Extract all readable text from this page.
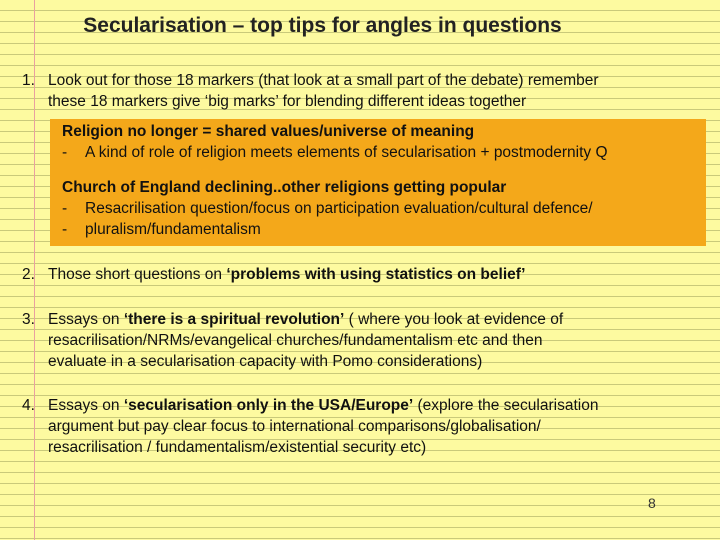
Secularisation – top tips for angles in questions
1. Look out for those 18 markers (that look at a small part of the debate) remember
these 18 markers give ‘big marks’ for blending different ideas together
Religion no longer = shared values/universe of meaning
- A kind of role of religion meets elements of secularisation + postmodernity Q
Church of England declining..other religions getting popular
- Resacrilisation question/focus on participation evaluation/cultural defence/
- pluralism/fundamentalism
2. Those short questions on ‘problems with using statistics on belief’
3. Essays on ‘there is a spiritual revolution’ ( where you look at evidence of
resacrilisation/NRMs/evangelical churches/fundamentalism etc and then
evaluate in a secularisation capacity with Pomo considerations)
4. Essays on ‘secularisation only in the USA/Europe’ (explore the secularisation
argument but pay clear focus to international comparisons/globalisation/
resacrilisation / fundamentalism/existential security etc)
8
